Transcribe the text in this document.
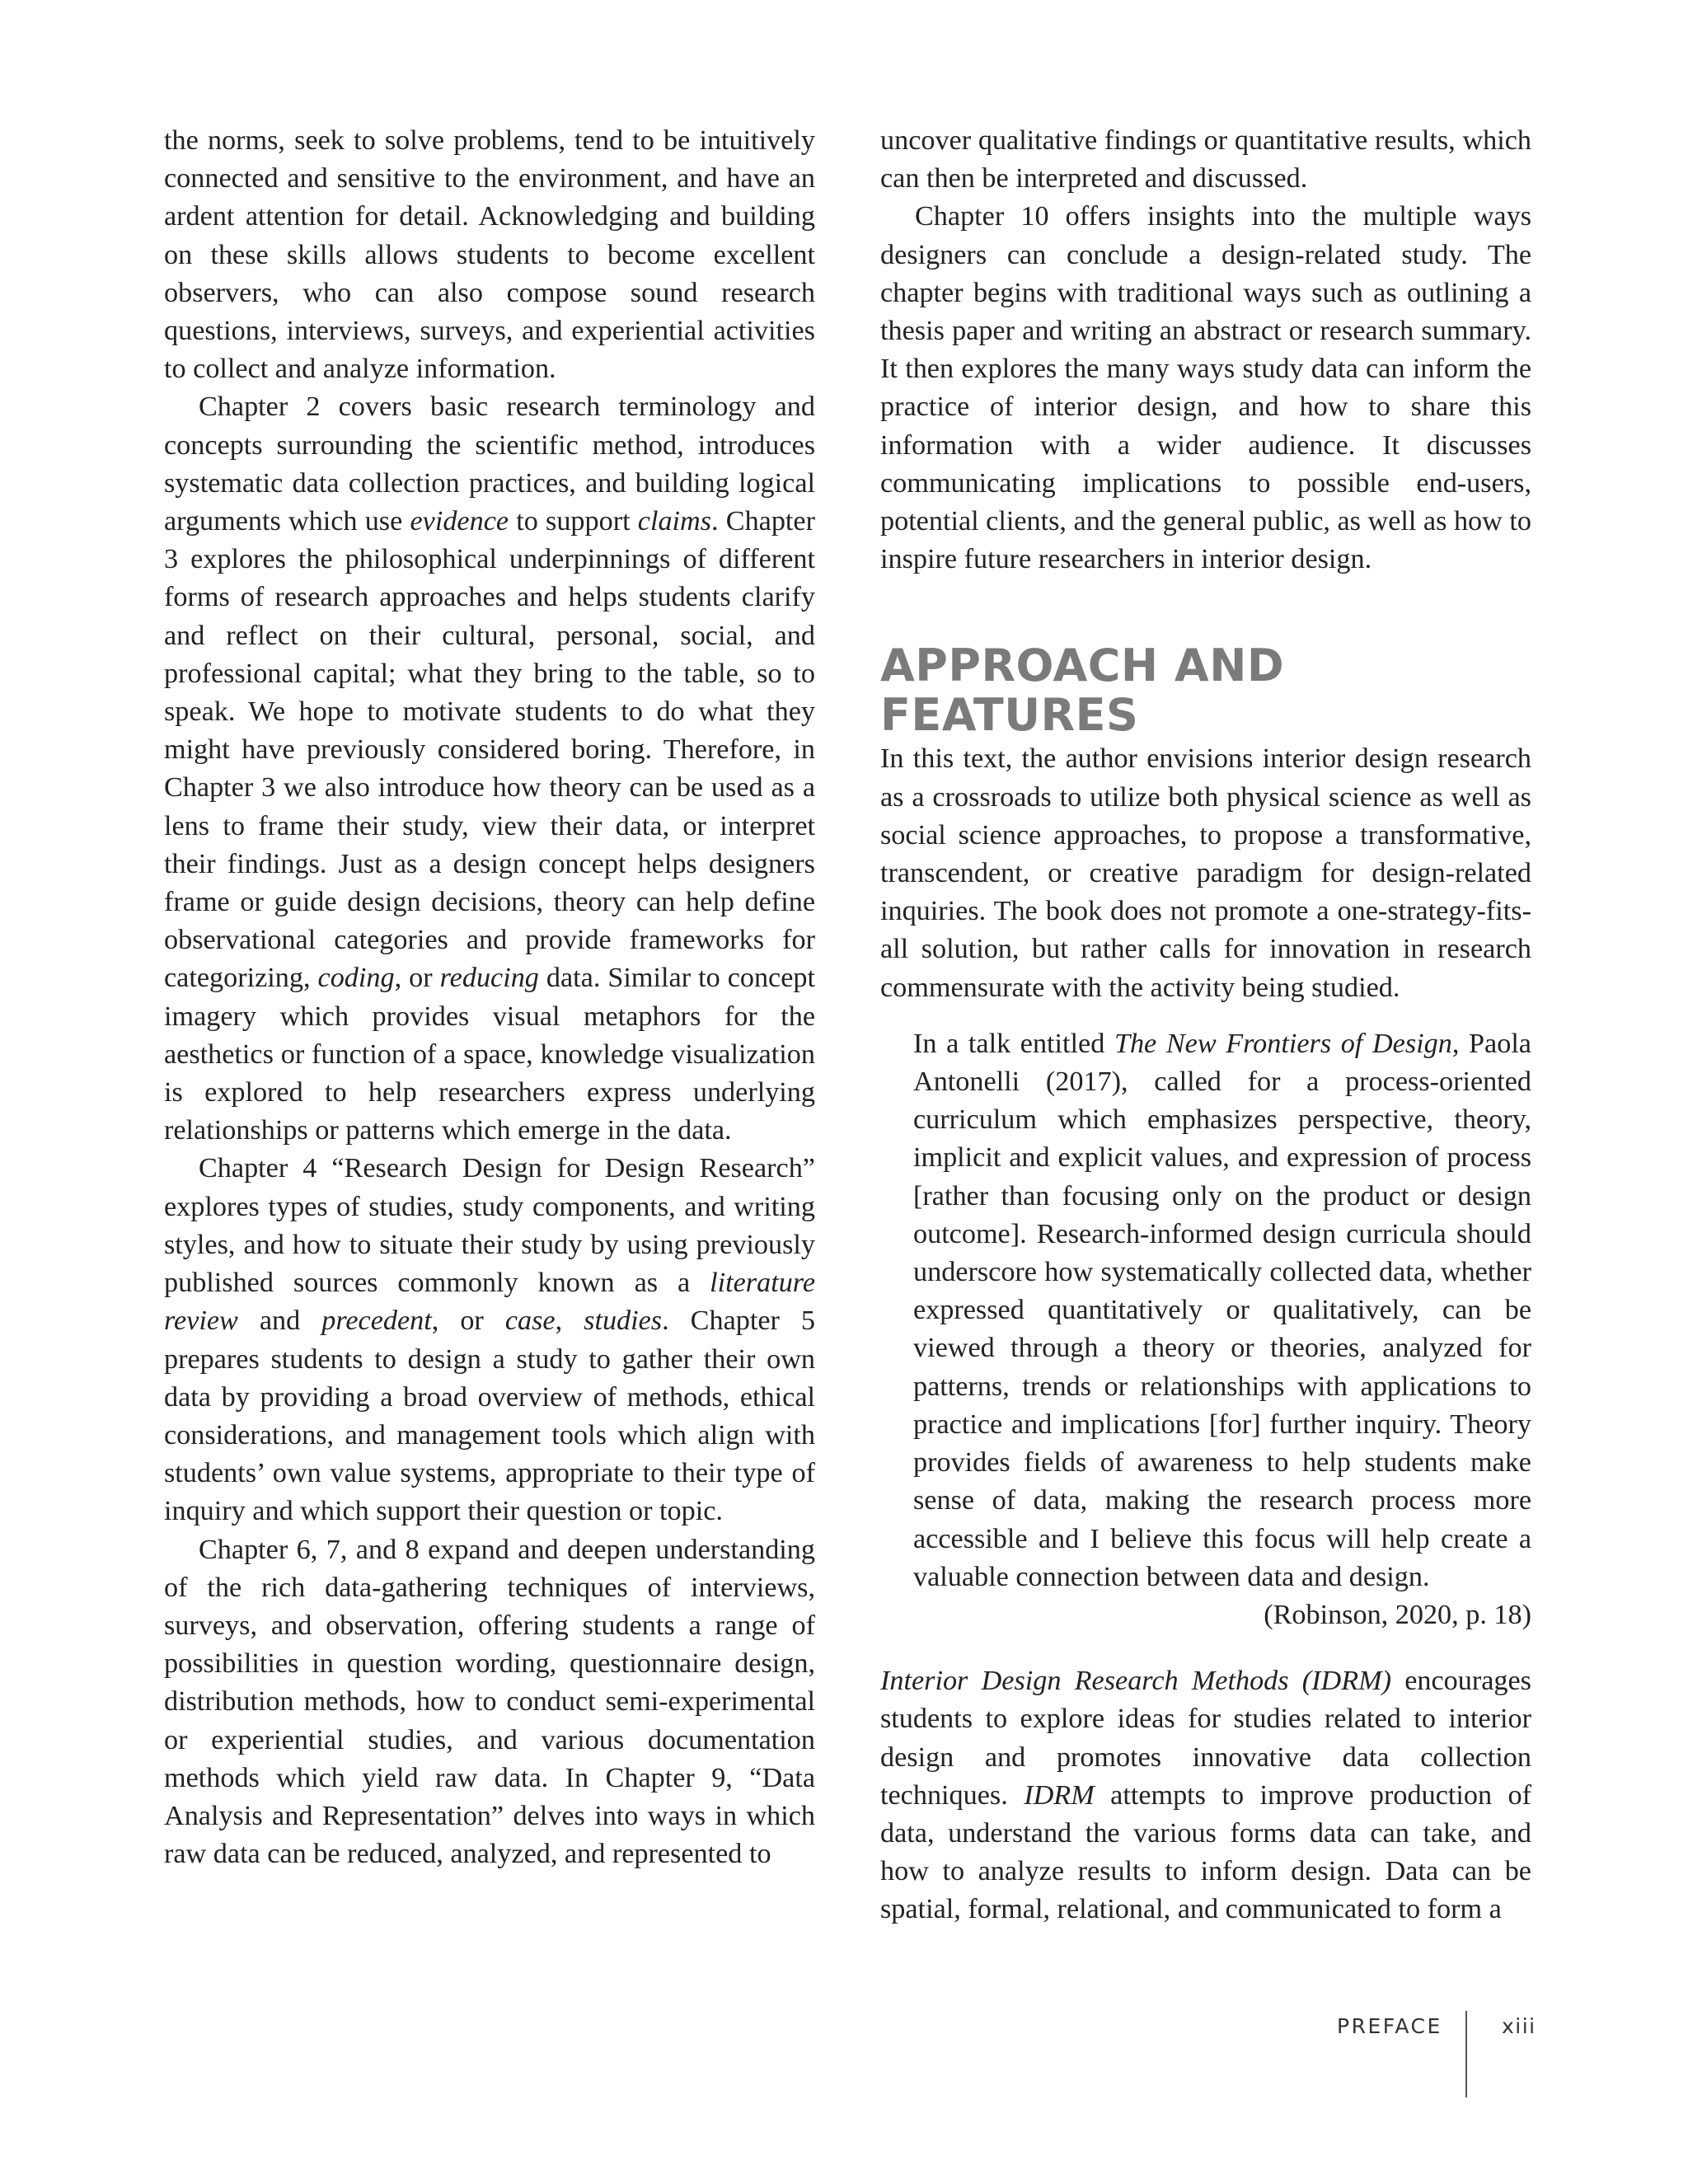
the norms, seek to solve problems, tend to be intuitively connected and sensitive to the environment, and have an ardent attention for detail. Acknowledging and building on these skills allows students to become excellent observers, who can also compose sound research questions, interviews, surveys, and experiential activities to collect and analyze information.

Chapter 2 covers basic research terminology and concepts surrounding the scientific method, introduces systematic data collection practices, and building logical arguments which use evidence to support claims. Chapter 3 explores the philosophical underpinnings of different forms of research approaches and helps students clarify and reflect on their cultural, personal, social, and professional capital; what they bring to the table, so to speak. We hope to motivate students to do what they might have previously considered boring. Therefore, in Chapter 3 we also introduce how theory can be used as a lens to frame their study, view their data, or interpret their findings. Just as a design concept helps designers frame or guide design decisions, theory can help define observational categories and provide frameworks for categorizing, coding, or reducing data. Similar to concept imagery which provides visual metaphors for the aesthetics or function of a space, knowledge visualization is explored to help researchers express underlying relationships or patterns which emerge in the data.

Chapter 4 “Research Design for Design Research” explores types of studies, study components, and writing styles, and how to situate their study by using previously published sources commonly known as a literature review and precedent, or case, studies. Chapter 5 prepares students to design a study to gather their own data by providing a broad overview of methods, ethical considerations, and management tools which align with students’ own value systems, appropriate to their type of inquiry and which support their question or topic.

Chapter 6, 7, and 8 expand and deepen understanding of the rich data-gathering techniques of interviews, surveys, and observation, offering students a range of possibilities in question wording, questionnaire design, distribution methods, how to conduct semi-experimental or experiential studies, and various documentation methods which yield raw data. In Chapter 9, “Data Analysis and Representation” delves into ways in which raw data can be reduced, analyzed, and represented to

uncover qualitative findings or quantitative results, which can then be interpreted and discussed.

Chapter 10 offers insights into the multiple ways designers can conclude a design-related study. The chapter begins with traditional ways such as outlining a thesis paper and writing an abstract or research summary. It then explores the many ways study data can inform the practice of interior design, and how to share this information with a wider audience. It discusses communicating implications to possible end-users, potential clients, and the general public, as well as how to inspire future researchers in interior design.

APPROACH AND FEATURES

In this text, the author envisions interior design research as a crossroads to utilize both physical science as well as social science approaches, to propose a transformative, transcendent, or creative paradigm for design-related inquiries. The book does not promote a one-strategy-fits-all solution, but rather calls for innovation in research commensurate with the activity being studied.

In a talk entitled The New Frontiers of Design, Paola Antonelli (2017), called for a process-oriented curriculum which emphasizes perspective, theory, implicit and explicit values, and expression of process [rather than focusing only on the product or design outcome]. Research-informed design curricula should underscore how systematically collected data, whether expressed quantitatively or qualitatively, can be viewed through a theory or theories, analyzed for patterns, trends or relationships with applications to practice and implications [for] further inquiry. Theory provides fields of awareness to help students make sense of data, making the research process more accessible and I believe this focus will help create a valuable connection between data and design.

(Robinson, 2020, p. 18)

Interior Design Research Methods (IDRM) encourages students to explore ideas for studies related to interior design and promotes innovative data collection techniques. IDRM attempts to improve production of data, understand the various forms data can take, and how to analyze results to inform design. Data can be spatial, formal, relational, and communicated to form a

PREFACE	xiii
